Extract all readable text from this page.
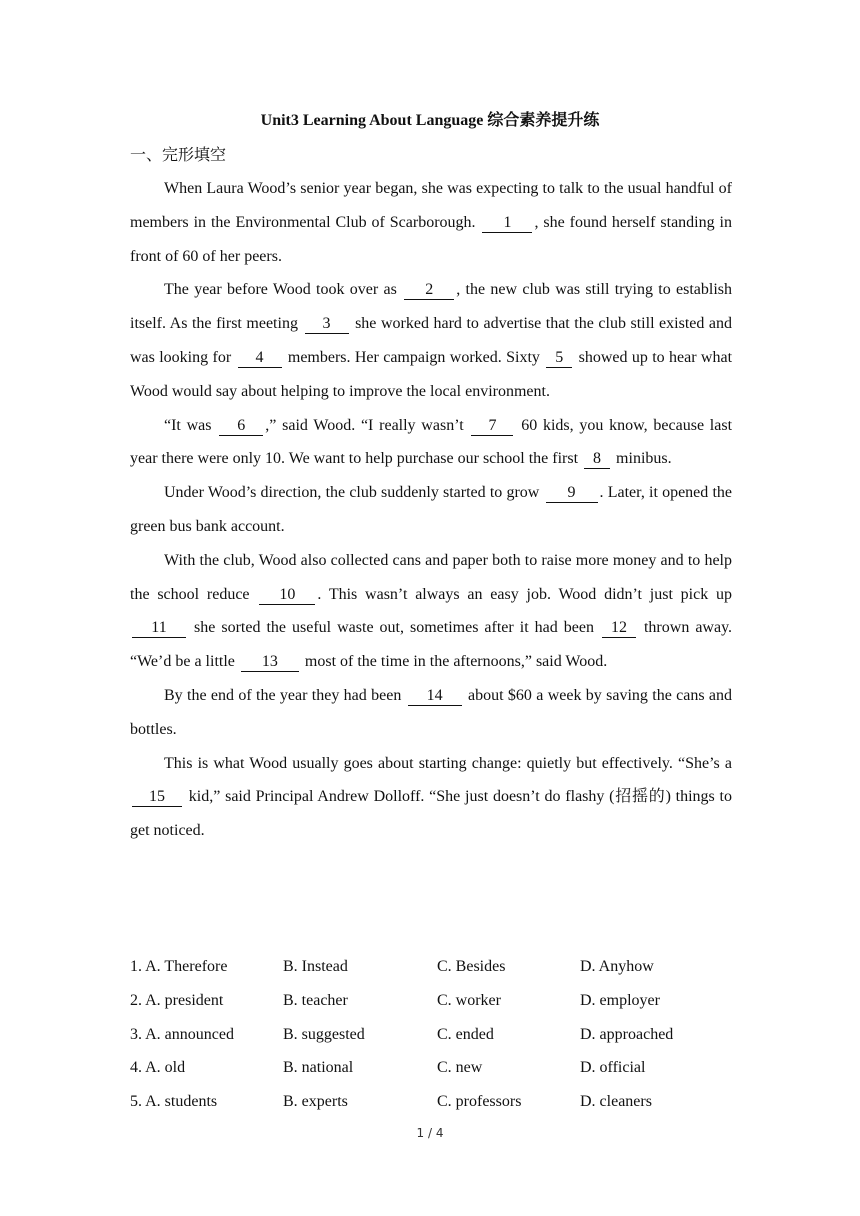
Unit3 Learning About Language 综合素养提升练
一、完形填空

When Laura Wood’s senior year began, she was expecting to talk to the usual handful of members in the Environmental Club of Scarborough. 1 , she found herself standing in front of 60 of her peers.

The year before Wood took over as 2 , the new club was still trying to establish itself. As the first meeting 3 she worked hard to advertise that the club still existed and was looking for 4 members. Her campaign worked. Sixty 5 showed up to hear what Wood would say about helping to improve the local environment.

“It was 6 ,” said Wood. “I really wasn’t 7 60 kids, you know, because last year there were only 10. We want to help purchase our school the first 8 minibus.

Under Wood’s direction, the club suddenly started to grow 9 . Later, it opened the green bus bank account.

With the club, Wood also collected cans and paper both to raise more money and to help the school reduce 10 . This wasn’t always an easy job. Wood didn’t just pick up 11 she sorted the useful waste out, sometimes after it had been 12 thrown away. “We’d be a little 13 most of the time in the afternoons,” said Wood.

By the end of the year they had been 14 about $60 a week by saving the cans and bottles.

This is what Wood usually goes about starting change: quietly but effectively. “She’s a 15 kid,” said Principal Andrew Dolloff. “She just doesn’t do flashy (招摇的) things to get noticed.

1. A. Therefore	B. Instead	C. Besides	D. Anyhow
2. A. president	B. teacher	C. worker	D. employer
3. A. announced	B. suggested	C. ended	D. approached
4. A. old	B. national	C. new	D. official
5. A. students	B. experts	C. professors	D. cleaners
1 / 4
